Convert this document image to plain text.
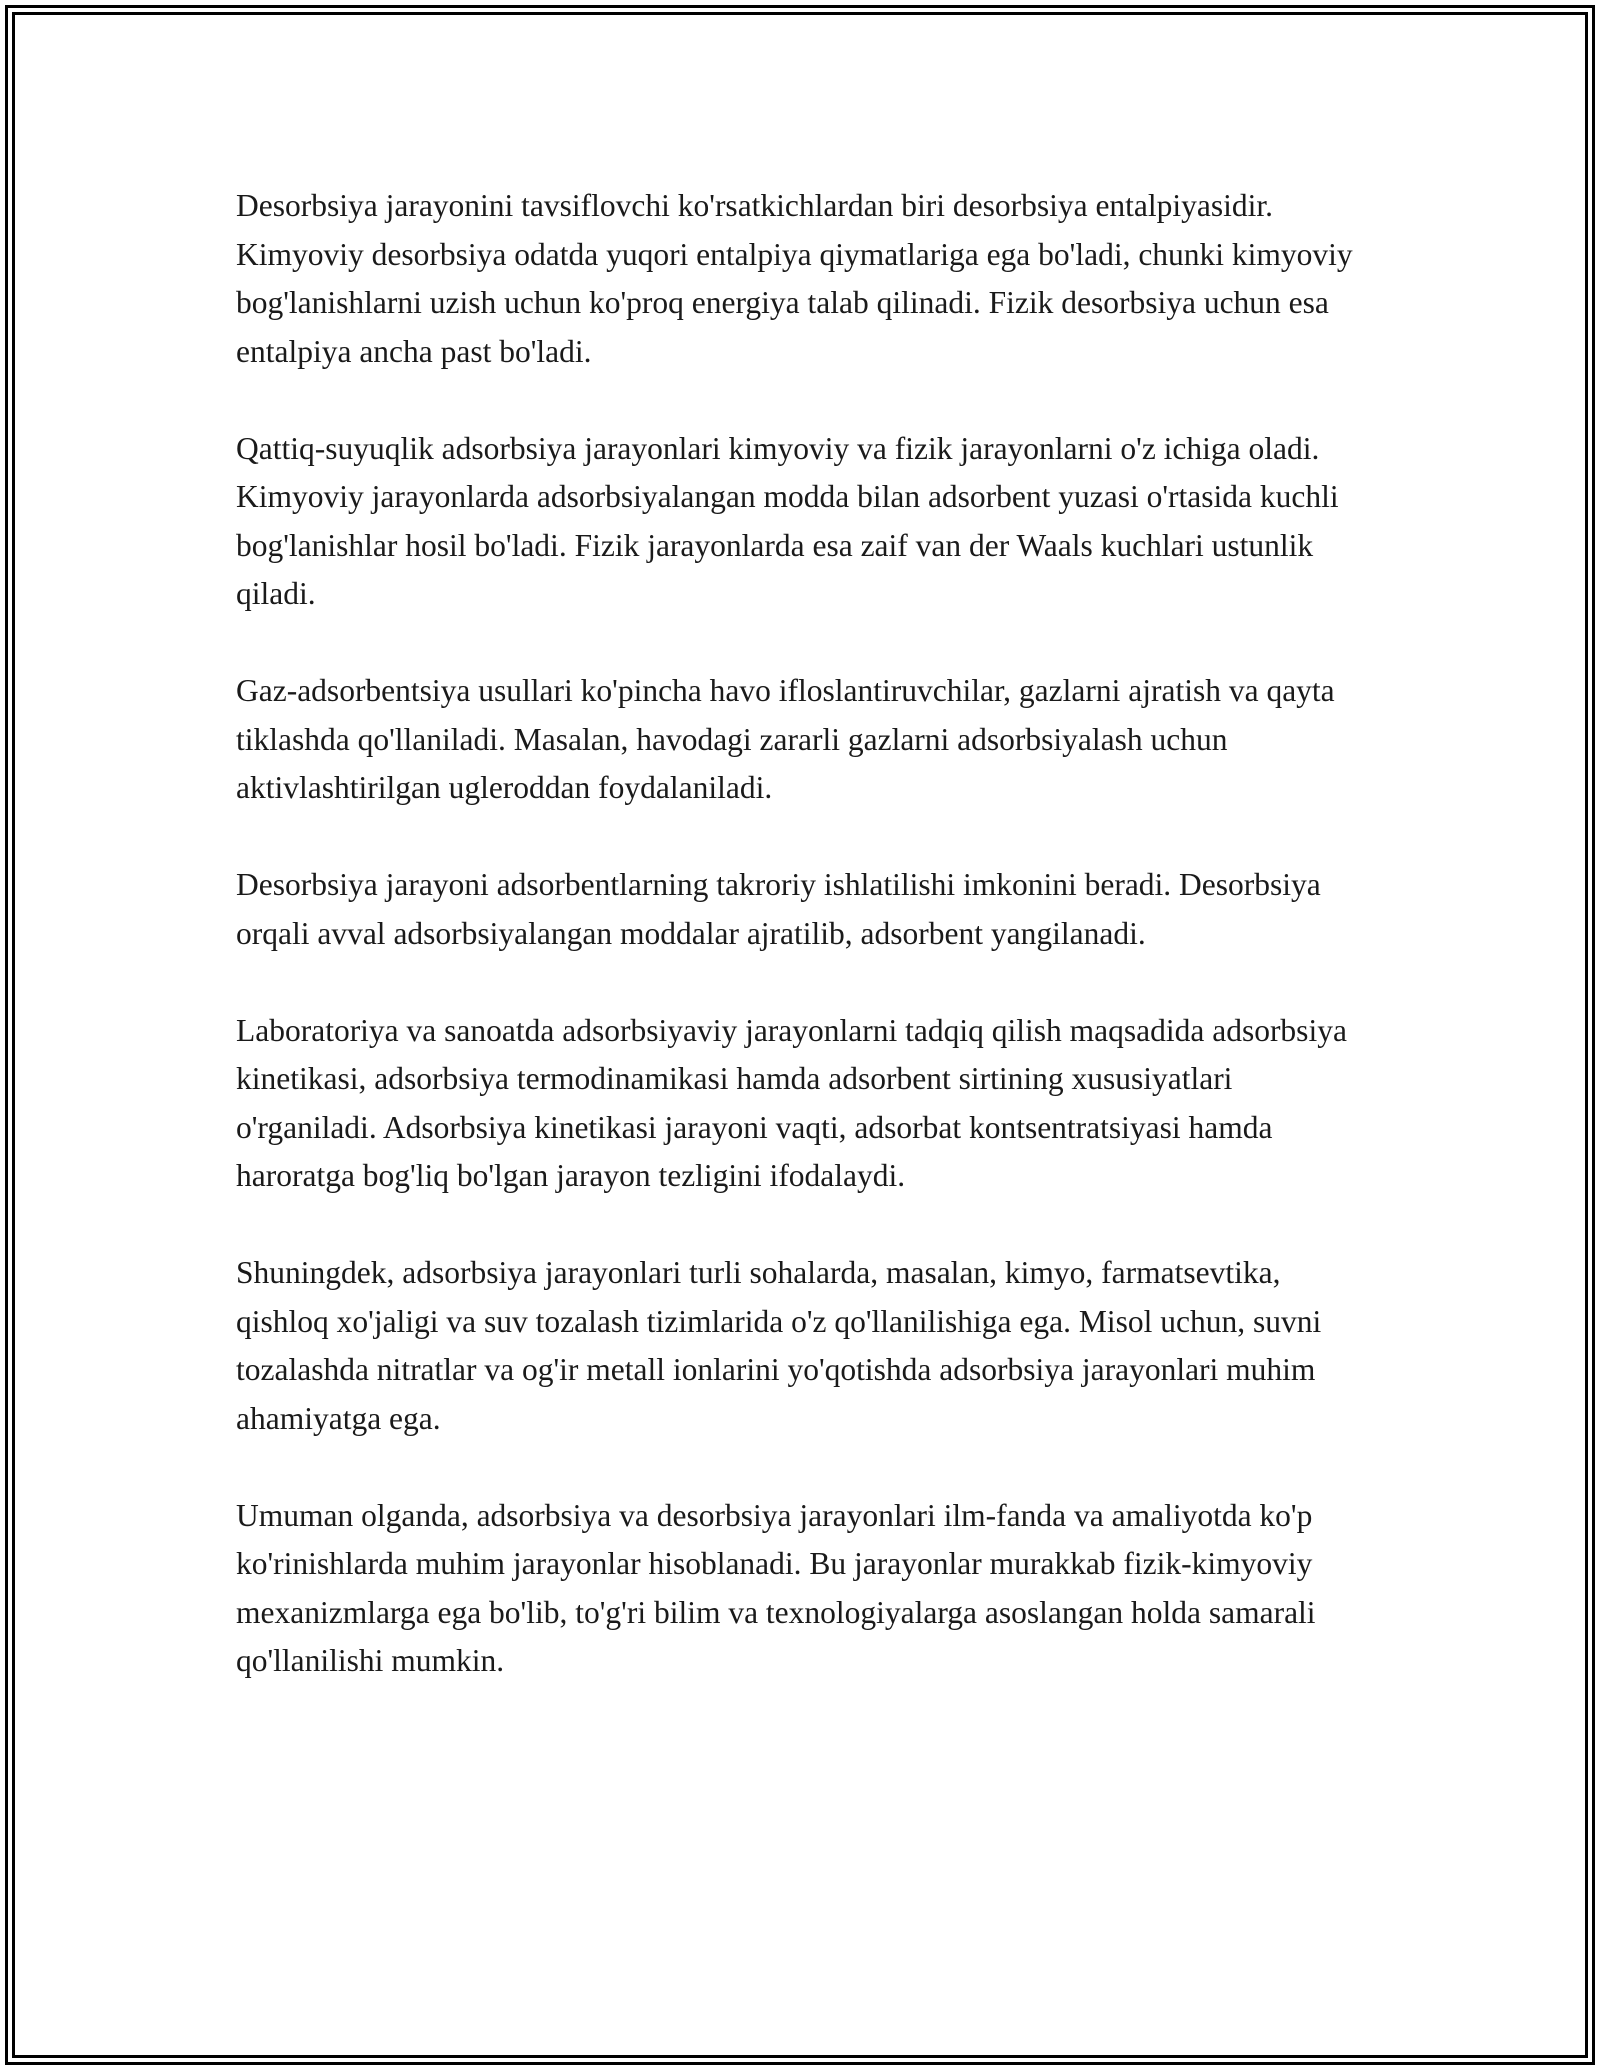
Desorbsiya jarayonini tavsiflovchi ko'rsatkichlardan biri desorbsiya entalpiyasidir. Kimyoviy desorbsiya odatda yuqori entalpiya qiymatlariga ega bo'ladi, chunki kimyoviy bog'lanishlarni uzish uchun ko'proq energiya talab qilinadi. Fizik desorbsiya uchun esa entalpiya ancha past bo'ladi.

Qattiq-suyuqlik adsorbsiya jarayonlari kimyoviy va fizik jarayonlarni o'z ichiga oladi. Kimyoviy jarayonlarda adsorbsiyalangan modda bilan adsorbent yuzasi o'rtasida kuchli bog'lanishlar hosil bo'ladi. Fizik jarayonlarda esa zaif van der Waals kuchlari ustunlik qiladi.

Gaz-adsorbentsiya usullari ko'pincha havo ifloslantiruvchilar, gazlarni ajratish va qayta tiklashda qo'llaniladi. Masalan, havodagi zararli gazlarni adsorbsiyalash uchun aktivlashtirilgan ugleroddan foydalaniladi.

Desorbsiya jarayoni adsorbentlarning takroriy ishlatilishi imkonini beradi. Desorbsiya orqali avval adsorbsiyalangan moddalar ajratilib, adsorbent yangilanadi.

Laboratoriya va sanoatda adsorbsiyaviy jarayonlarni tadqiq qilish maqsadida adsorbsiya kinetikasi, adsorbsiya termodinamikasi hamda adsorbent sirtining xususiyatlari o'rganiladi. Adsorbsiya kinetikasi jarayoni vaqti, adsorbat kontsentratsiyasi hamda haroratga bog'liq bo'lgan jarayon tezligini ifodalaydi.

Shuningdek, adsorbsiya jarayonlari turli sohalarda, masalan, kimyo, farmatsevtika, qishloq xo'jaligi va suv tozalash tizimlarida o'z qo'llanilishiga ega. Misol uchun, suvni tozalashda nitratlar va og'ir metall ionlarini yo'qotishda adsorbsiya jarayonlari muhim ahamiyatga ega.

Umuman olganda, adsorbsiya va desorbsiya jarayonlari ilm-fanda va amaliyotda ko'p ko'rinishlarda muhim jarayonlar hisoblanadi. Bu jarayonlar murakkab fizik-kimyoviy mexanizmlarga ega bo'lib, to'g'ri bilim va texnologiyalarga asoslangan holda samarali qo'llanilishi mumkin.
